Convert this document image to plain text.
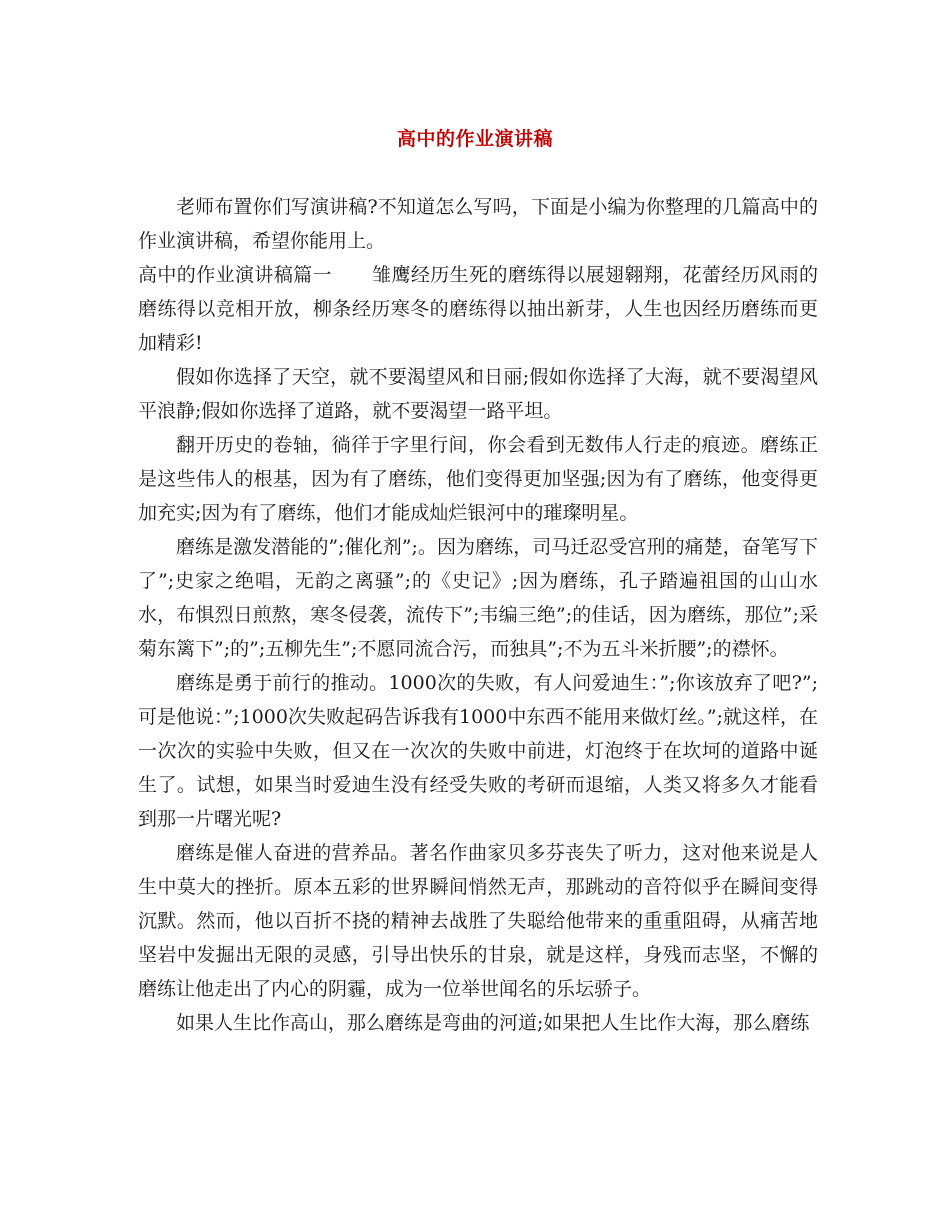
高中的作业演讲稿

老师布置你们写演讲稿?不知道怎么写吗，下面是小编为你整理的几篇高中的作业演讲稿，希望你能用上。

高中的作业演讲稿篇一 雏鹰经历生死的磨练得以展翅翱翔，花蕾经历风雨的磨练得以竞相开放，柳条经历寒冬的磨练得以抽出新芽，人生也因经历磨练而更加精彩!

假如你选择了天空，就不要渴望风和日丽;假如你选择了大海，就不要渴望风平浪静;假如你选择了道路，就不要渴望一路平坦。

翻开历史的卷轴，徜徉于字里行间，你会看到无数伟人行走的痕迹。磨练正是这些伟人的根基，因为有了磨练，他们变得更加坚强;因为有了磨练，他变得更加充实;因为有了磨练，他们才能成灿烂银河中的璀璨明星。

磨练是激发潜能的”;催化剂”;。因为磨练，司马迁忍受宫刑的痛楚，奋笔写下了”;史家之绝唱，无韵之离骚”;的《史记》;因为磨练，孔子踏遍祖国的山山水水，布惧烈日煎熬，寒冬侵袭，流传下”;韦编三绝”;的佳话，因为磨练，那位”;采菊东篱下”;的”;五柳先生”;不愿同流合污，而独具”;不为五斗米折腰”;的襟怀。

磨练是勇于前行的推动。1000次的失败，有人问爱迪生：”;你该放弃了吧?”;可是他说：”;1000次失败起码告诉我有1000中东西不能用来做灯丝。”;就这样，在一次次的实验中失败，但又在一次次的失败中前进，灯泡终于在坎坷的道路中诞生了。试想，如果当时爱迪生没有经受失败的考研而退缩，人类又将多久才能看到那一片曙光呢?

磨练是催人奋进的营养品。著名作曲家贝多芬丧失了听力，这对他来说是人生中莫大的挫折。原本五彩的世界瞬间悄然无声，那跳动的音符似乎在瞬间变得沉默。然而，他以百折不挠的精神去战胜了失聪给他带来的重重阻碍，从痛苦地坚岩中发掘出无限的灵感，引导出快乐的甘泉，就是这样，身残而志坚，不懈的磨练让他走出了内心的阴霾，成为一位举世闻名的乐坛骄子。

如果人生比作高山，那么磨练是弯曲的河道;如果把人生比作大海，那么磨练
